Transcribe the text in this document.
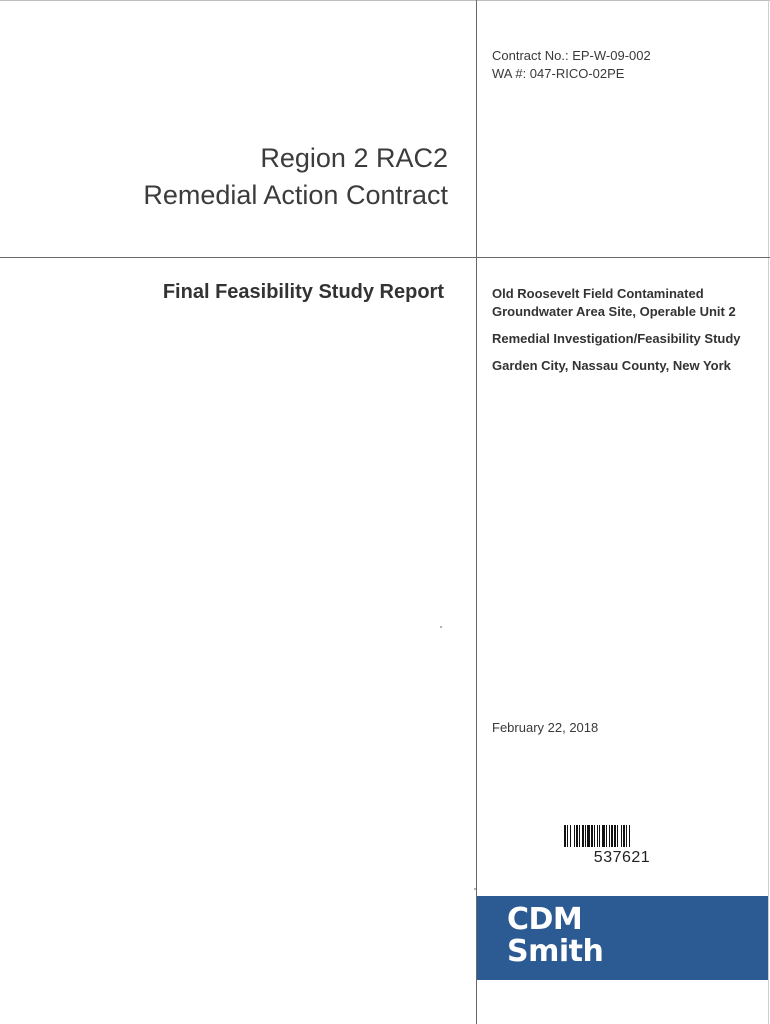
Contract No.: EP-W-09-002
WA #: 047-RICO-02PE
Region 2 RAC2
Remedial Action Contract
Final Feasibility Study Report	Old Roosevelt Field Contaminated Groundwater Area Site, Operable Unit 2
Remedial Investigation/Feasibility Study
Garden City, Nassau County, New York
February 22, 2018
537621
CDM
Smith
